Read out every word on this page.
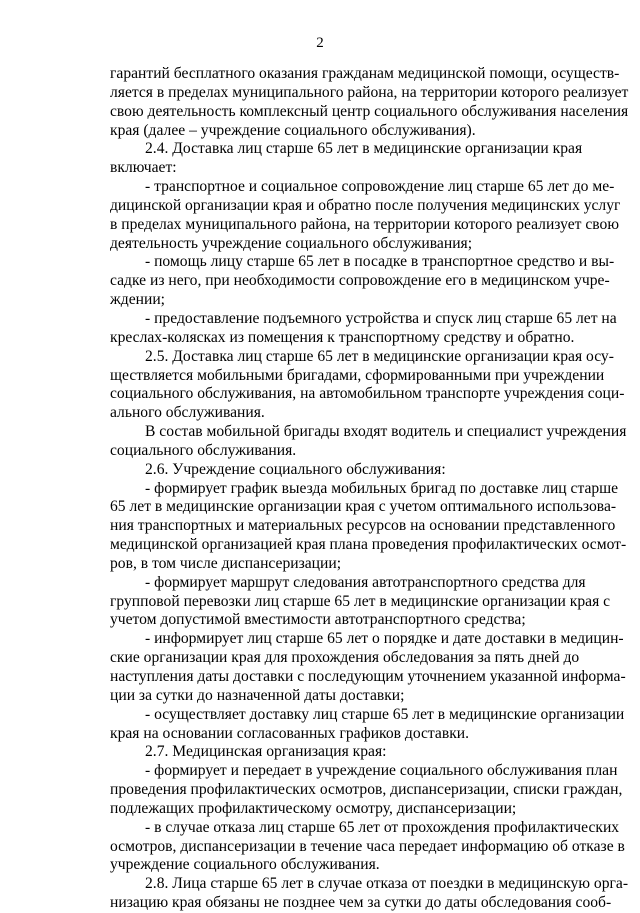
2
гарантий бесплатного оказания гражданам медицинской помощи, осуществ-
ляется в пределах муниципального района, на территории которого реализует
свою деятельность комплексный центр социального обслуживания населения
края (далее – учреждение социального обслуживания).
2.4. Доставка лиц старше 65 лет в медицинские организации края
включает:
- транспортное и социальное сопровождение лиц старше 65 лет до ме-
дицинской организации края и обратно после получения медицинских услуг
в пределах муниципального района, на территории которого реализует свою
деятельность учреждение социального обслуживания;
- помощь лицу старше 65 лет в посадке в транспортное средство и вы-
садке из него, при необходимости сопровождение его в медицинском учре-
ждении;
- предоставление подъемного устройства и спуск лиц старше 65 лет на
креслах-колясках из помещения к транспортному средству и обратно.
2.5. Доставка лиц старше 65 лет в медицинские организации края осу-
ществляется мобильными бригадами, сформированными при учреждении
социального обслуживания, на автомобильном транспорте учреждения соци-
ального обслуживания.
В состав мобильной бригады входят водитель и специалист учреждения
социального обслуживания.
2.6. Учреждение социального обслуживания:
- формирует график выезда мобильных бригад по доставке лиц старше
65 лет в медицинские организации края с учетом оптимального использова-
ния транспортных и материальных ресурсов на основании представленного
медицинской организацией края плана проведения профилактических осмот-
ров, в том числе диспансеризации;
- формирует маршрут следования автотранспортного средства для
групповой перевозки лиц старше 65 лет в медицинские организации края с
учетом допустимой вместимости автотранспортного средства;
- информирует лиц старше 65 лет о порядке и дате доставки в медицин-
ские организации края для прохождения обследования за пять дней до
наступления даты доставки с последующим уточнением указанной информа-
ции за сутки до назначенной даты доставки;
- осуществляет доставку лиц старше 65 лет в медицинские организации
края на основании согласованных графиков доставки.
2.7. Медицинская организация края:
- формирует и передает в учреждение социального обслуживания план
проведения профилактических осмотров, диспансеризации, списки граждан,
подлежащих профилактическому осмотру, диспансеризации;
- в случае отказа лиц старше 65 лет от прохождения профилактических
осмотров, диспансеризации в течение часа передает информацию об отказе в
учреждение социального обслуживания.
2.8. Лица старше 65 лет в случае отказа от поездки в медицинскую орга-
низацию края обязаны не позднее чем за сутки до даты обследования сооб-
